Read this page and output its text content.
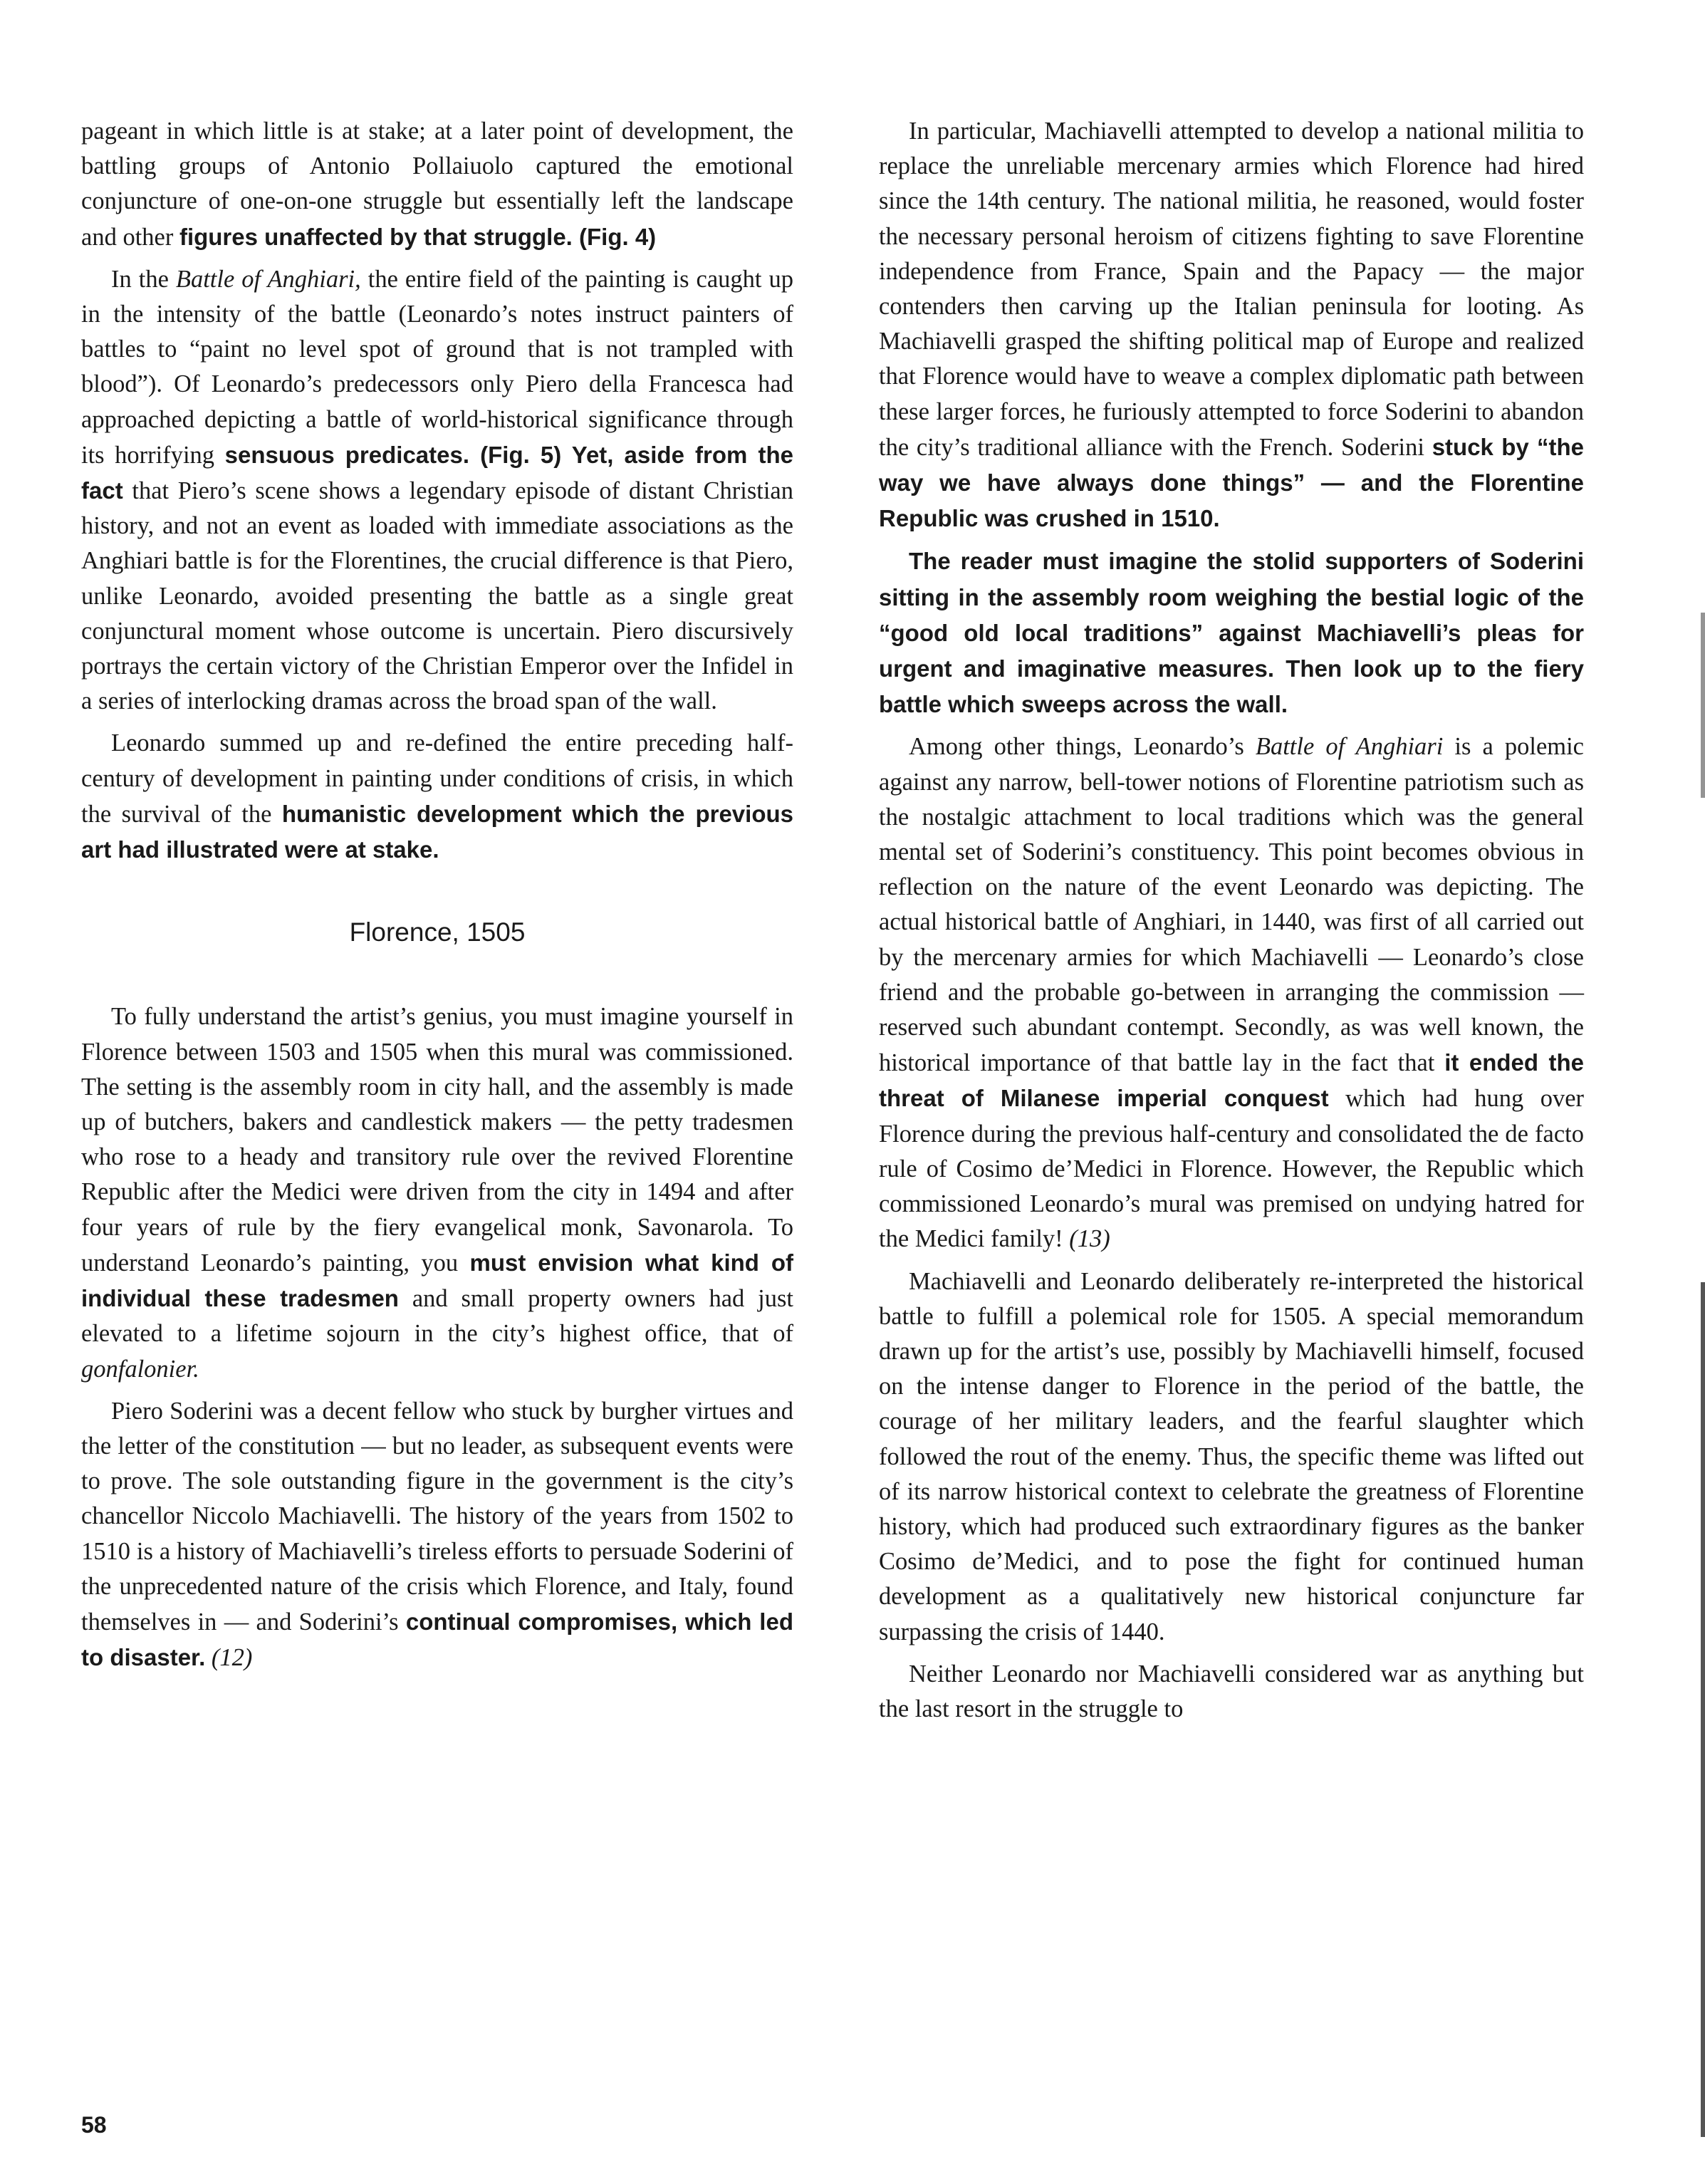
pageant in which little is at stake; at a later point of development, the battling groups of Antonio Pollaiuolo captured the emotional conjuncture of one-on-one struggle but essentially left the landscape and other figures unaffected by that struggle. (Fig. 4)

In the Battle of Anghiari, the entire field of the painting is caught up in the intensity of the battle (Leonardo’s notes instruct painters of battles to “paint no level spot of ground that is not trampled with blood”). Of Leonardo’s predecessors only Piero della Francesca had approached depicting a battle of world-historical significance through its horrifying sensuous predicates. (Fig. 5) Yet, aside from the fact that Piero’s scene shows a legendary episode of distant Christian history, and not an event as loaded with immediate associations as the Anghiari battle is for the Florentines, the crucial difference is that Piero, unlike Leonardo, avoided presenting the battle as a single great conjunctural moment whose outcome is uncertain. Piero discursively portrays the certain victory of the Christian Emperor over the Infidel in a series of interlocking dramas across the broad span of the wall.

Leonardo summed up and re-defined the entire preceding half-century of development in painting under conditions of crisis, in which the survival of the humanistic development which the previous art had illustrated were at stake.

Florence, 1505

To fully understand the artist’s genius, you must imagine yourself in Florence between 1503 and 1505 when this mural was commissioned. The setting is the assembly room in city hall, and the assembly is made up of butchers, bakers and candlestick makers — the petty tradesmen who rose to a heady and transitory rule over the revived Florentine Republic after the Medici were driven from the city in 1494 and after four years of rule by the fiery evangelical monk, Savonarola. To understand Leonardo’s painting, you must envision what kind of individual these tradesmen and small property owners had just elevated to a lifetime sojourn in the city’s highest office, that of gonfalonier.

Piero Soderini was a decent fellow who stuck by burgher virtues and the letter of the constitution — but no leader, as subsequent events were to prove. The sole outstanding figure in the government is the city’s chancellor Niccolo Machiavelli. The history of the years from 1502 to 1510 is a history of Machiavelli’s tireless efforts to persuade Soderini of the unprecedented nature of the crisis which Florence, and Italy, found themselves in — and Soderini’s continual compromises, which led to disaster. (12)

In particular, Machiavelli attempted to develop a national militia to replace the unreliable mercenary armies which Florence had hired since the 14th century. The national militia, he reasoned, would foster the necessary personal heroism of citizens fighting to save Florentine independence from France, Spain and the Papacy — the major contenders then carving up the Italian peninsula for looting. As Machiavelli grasped the shifting political map of Europe and realized that Florence would have to weave a complex diplomatic path between these larger forces, he furiously attempted to force Soderini to abandon the city’s traditional alliance with the French. Soderini stuck by “the way we have always done things” — and the Florentine Republic was crushed in 1510.

The reader must imagine the stolid supporters of Soderini sitting in the assembly room weighing the bestial logic of the “good old local traditions” against Machiavelli’s pleas for urgent and imaginative measures. Then look up to the fiery battle which sweeps across the wall.

Among other things, Leonardo’s Battle of Anghiari is a polemic against any narrow, bell-tower notions of Florentine patriotism such as the nostalgic attachment to local traditions which was the general mental set of Soderini’s constituency. This point becomes obvious in reflection on the nature of the event Leonardo was depicting. The actual historical battle of Anghiari, in 1440, was first of all carried out by the mercenary armies for which Machiavelli — Leonardo’s close friend and the probable go-between in arranging the commission — reserved such abundant contempt. Secondly, as was well known, the historical importance of that battle lay in the fact that it ended the threat of Milanese imperial conquest which had hung over Florence during the previous half-century and consolidated the de facto rule of Cosimo de’Medici in Florence. However, the Republic which commissioned Leonardo’s mural was premised on undying hatred for the Medici family! (13)

Machiavelli and Leonardo deliberately re-interpreted the historical battle to fulfill a polemical role for 1505. A special memorandum drawn up for the artist’s use, possibly by Machiavelli himself, focused on the intense danger to Florence in the period of the battle, the courage of her military leaders, and the fearful slaughter which followed the rout of the enemy. Thus, the specific theme was lifted out of its narrow historical context to celebrate the greatness of Florentine history, which had produced such extraordinary figures as the banker Cosimo de’Medici, and to pose the fight for continued human development as a qualitatively new historical conjuncture far surpassing the crisis of 1440.

Neither Leonardo nor Machiavelli considered war as anything but the last resort in the struggle to

58
